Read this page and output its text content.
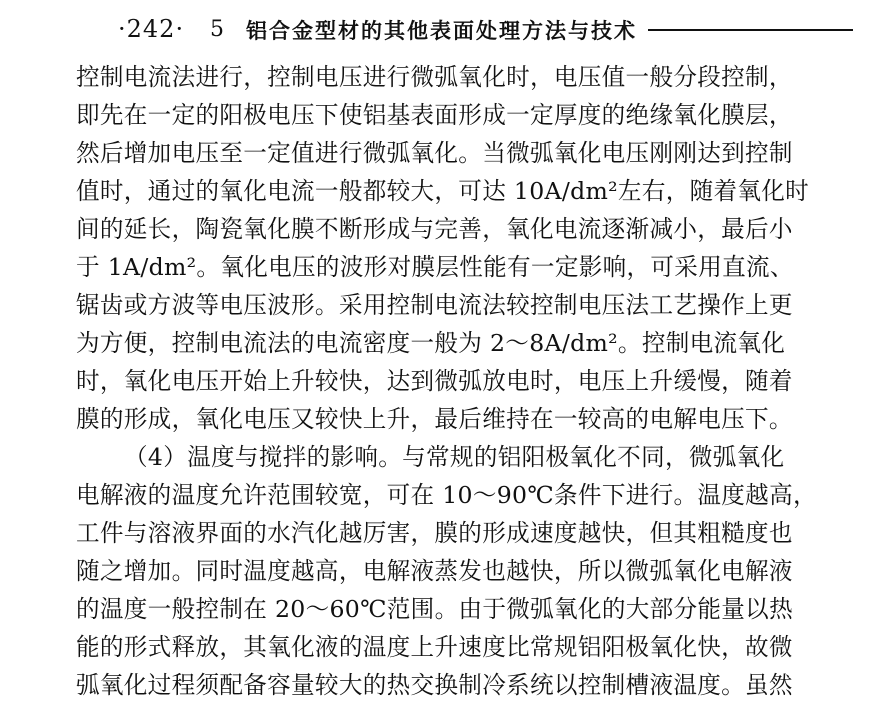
·242· 5 铝合金型材的其他表面处理方法与技术
控制电流法进行，控制电压进行微弧氧化时，电压值一般分段控制，
即先在一定的阳极电压下使铝基表面形成一定厚度的绝缘氧化膜层，
然后增加电压至一定值进行微弧氧化。当微弧氧化电压刚刚达到控制
值时，通过的氧化电流一般都较大，可达 10A/dm²左右，随着氧化时
间的延长，陶瓷氧化膜不断形成与完善，氧化电流逐渐减小，最后小
于 1A/dm²。氧化电压的波形对膜层性能有一定影响，可采用直流、
锯齿或方波等电压波形。采用控制电流法较控制电压法工艺操作上更
为方便，控制电流法的电流密度一般为 2～8A/dm²。控制电流氧化
时，氧化电压开始上升较快，达到微弧放电时，电压上升缓慢，随着
膜的形成，氧化电压又较快上升，最后维持在一较高的电解电压下。
（4）温度与搅拌的影响。与常规的铝阳极氧化不同，微弧氧化
电解液的温度允许范围较宽，可在 10～90℃条件下进行。温度越高，
工件与溶液界面的水汽化越厉害，膜的形成速度越快，但其粗糙度也
随之增加。同时温度越高，电解液蒸发也越快，所以微弧氧化电解液
的温度一般控制在 20～60℃范围。由于微弧氧化的大部分能量以热
能的形式释放，其氧化液的温度上升速度比常规铝阳极氧化快，故微
弧氧化过程须配备容量较大的热交换制冷系统以控制槽液温度。虽然
